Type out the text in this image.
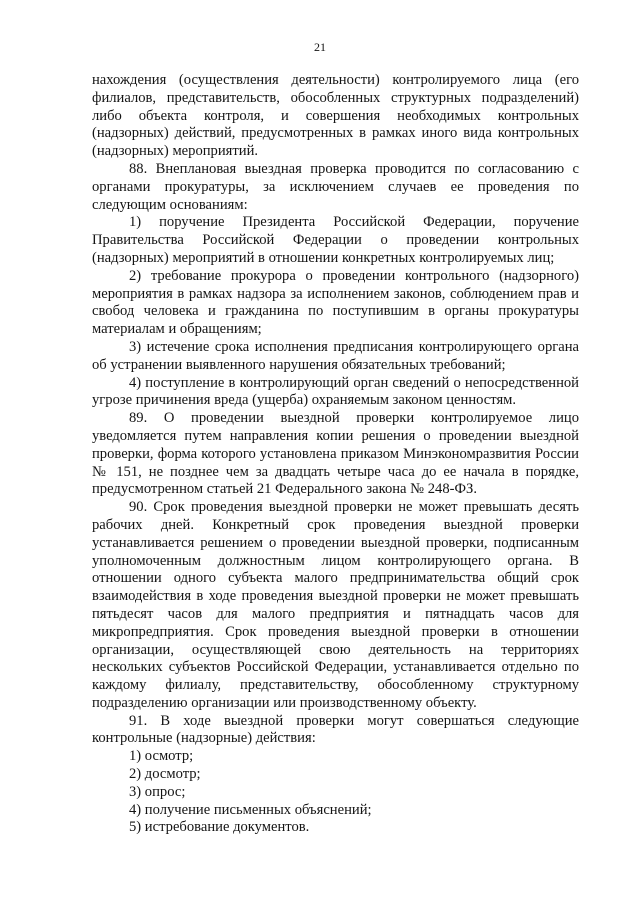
21

нахождения (осуществления деятельности) контролируемого лица (его филиалов, представительств, обособленных структурных подразделений) либо объекта контроля, и совершения необходимых контрольных (надзорных) действий, предусмотренных в рамках иного вида контрольных (надзорных) мероприятий.

88. Внеплановая выездная проверка проводится по согласованию с органами прокуратуры, за исключением случаев ее проведения по следующим основаниям:

1) поручение Президента Российской Федерации, поручение Правительства Российской Федерации о проведении контрольных (надзорных) мероприятий в отношении конкретных контролируемых лиц;

2) требование прокурора о проведении контрольного (надзорного) мероприятия в рамках надзора за исполнением законов, соблюдением прав и свобод человека и гражданина по поступившим в органы прокуратуры материалам и обращениям;

3) истечение срока исполнения предписания контролирующего органа об устранении выявленного нарушения обязательных требований;

4) поступление в контролирующий орган сведений о непосредственной угрозе причинения вреда (ущерба) охраняемым законом ценностям.

89. О проведении выездной проверки контролируемое лицо уведомляется путем направления копии решения о проведении выездной проверки, форма которого установлена приказом Минэкономразвития России № 151, не позднее чем за двадцать четыре часа до ее начала в порядке, предусмотренном статьей 21 Федерального закона № 248-ФЗ.

90. Срок проведения выездной проверки не может превышать десять рабочих дней. Конкретный срок проведения выездной проверки устанавливается решением о проведении выездной проверки, подписанным уполномоченным должностным лицом контролирующего органа. В отношении одного субъекта малого предпринимательства общий срок взаимодействия в ходе проведения выездной проверки не может превышать пятьдесят часов для малого предприятия и пятнадцать часов для микропредприятия. Срок проведения выездной проверки в отношении организации, осуществляющей свою деятельность на территориях нескольких субъектов Российской Федерации, устанавливается отдельно по каждому филиалу, представительству, обособленному структурному подразделению организации или производственному объекту.

91. В ходе выездной проверки могут совершаться следующие контрольные (надзорные) действия:

1) осмотр;

2) досмотр;

3) опрос;

4) получение письменных объяснений;

5) истребование документов.
